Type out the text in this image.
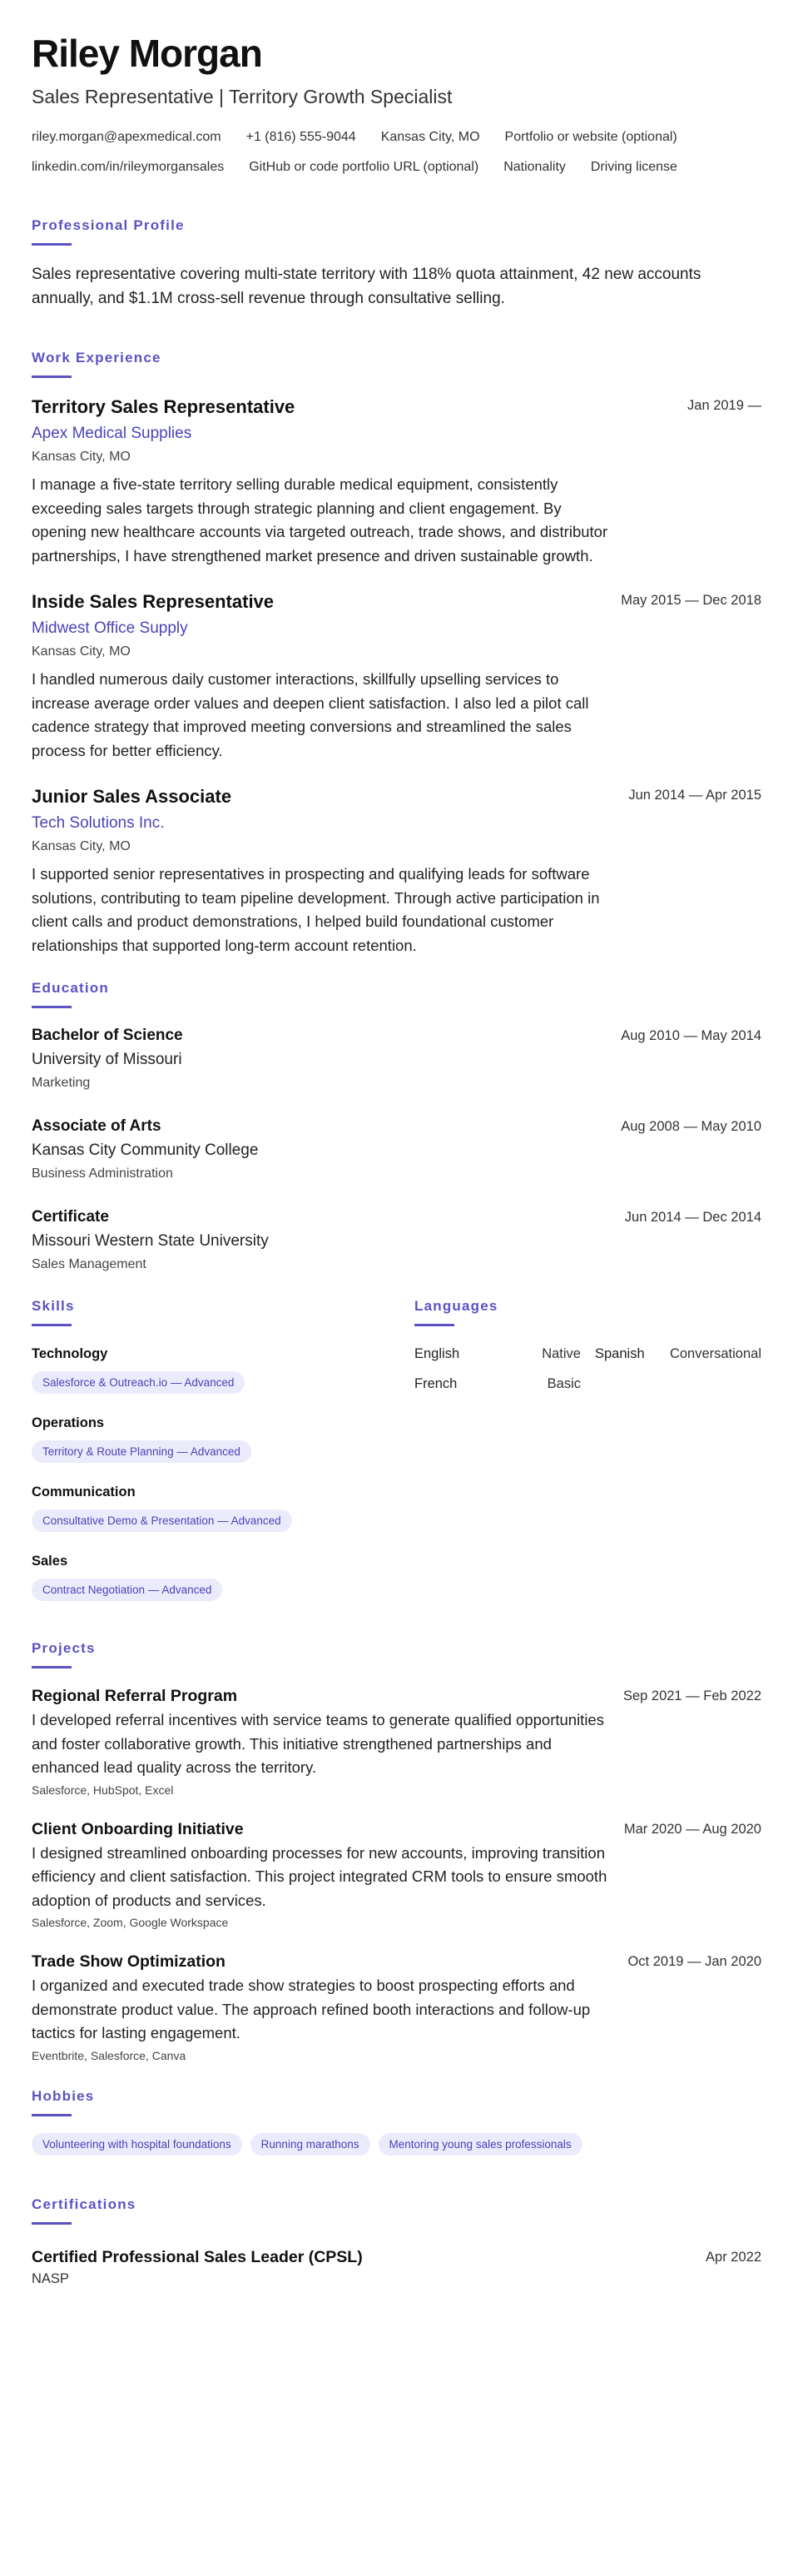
Riley Morgan
Sales Representative | Territory Growth Specialist
riley.morgan@apexmedical.com +1 (816) 555-9044 Kansas City, MO Portfolio or website (optional)
linkedin.com/in/rileymorgansales GitHub or code portfolio URL (optional) Nationality Driving license
Professional Profile

Sales representative covering multi-state territory with 118% quota attainment, 42 new accounts annually, and $1.1M cross-sell revenue through consultative selling.

Work Experience
Territory Sales Representative
Apex Medical Supplies
Kansas City, MO

I manage a five-state territory selling durable medical equipment, consistently exceeding sales targets through strategic planning and client engagement. By opening new healthcare accounts via targeted outreach, trade shows, and distributor partnerships, I have strengthened market presence and driven sustainable growth.

Jan 2019 —
Inside Sales Representative
Midwest Office Supply
Kansas City, MO

I handled numerous daily customer interactions, skillfully upselling services to increase average order values and deepen client satisfaction. I also led a pilot call cadence strategy that improved meeting conversions and streamlined the sales process for better efficiency.

May 2015 — Dec 2018
Junior Sales Associate
Tech Solutions Inc.
Kansas City, MO

I supported senior representatives in prospecting and qualifying leads for software solutions, contributing to team pipeline development. Through active participation in client calls and product demonstrations, I helped build foundational customer relationships that supported long-term account retention.

Jun 2014 — Apr 2015
Education
Bachelor of Science
University of Missouri
Marketing
Aug 2010 — May 2014
Associate of Arts
Kansas City Community College
Business Administration
Aug 2008 — May 2010
Certificate
Missouri Western State University
Sales Management
Jun 2014 — Dec 2014
Skills
Technology
Salesforce & Outreach.io — Advanced
Operations
Territory & Route Planning — Advanced
Communication
Consultative Demo & Presentation — Advanced
Sales
Contract Negotiation — Advanced
Languages
English	Native Spanish Conversational
French	Basic
Projects
Regional Referral Program

I developed referral incentives with service teams to generate qualified opportunities and foster collaborative growth. This initiative strengthened partnerships and enhanced lead quality across the territory.

Salesforce, HubSpot, Excel
Sep 2021 — Feb 2022
Client Onboarding Initiative

I designed streamlined onboarding processes for new accounts, improving transition efficiency and client satisfaction. This project integrated CRM tools to ensure smooth adoption of products and services.

Salesforce, Zoom, Google Workspace
Mar 2020 — Aug 2020
Trade Show Optimization

I organized and executed trade show strategies to boost prospecting efforts and demonstrate product value. The approach refined booth interactions and follow-up tactics for lasting engagement.

Eventbrite, Salesforce, Canva
Oct 2019 — Jan 2020
Hobbies
Volunteering with hospital foundations	Running marathons	Mentoring young sales professionals
Certifications
Certified Professional Sales Leader (CPSL)
NASP
Apr 2022
